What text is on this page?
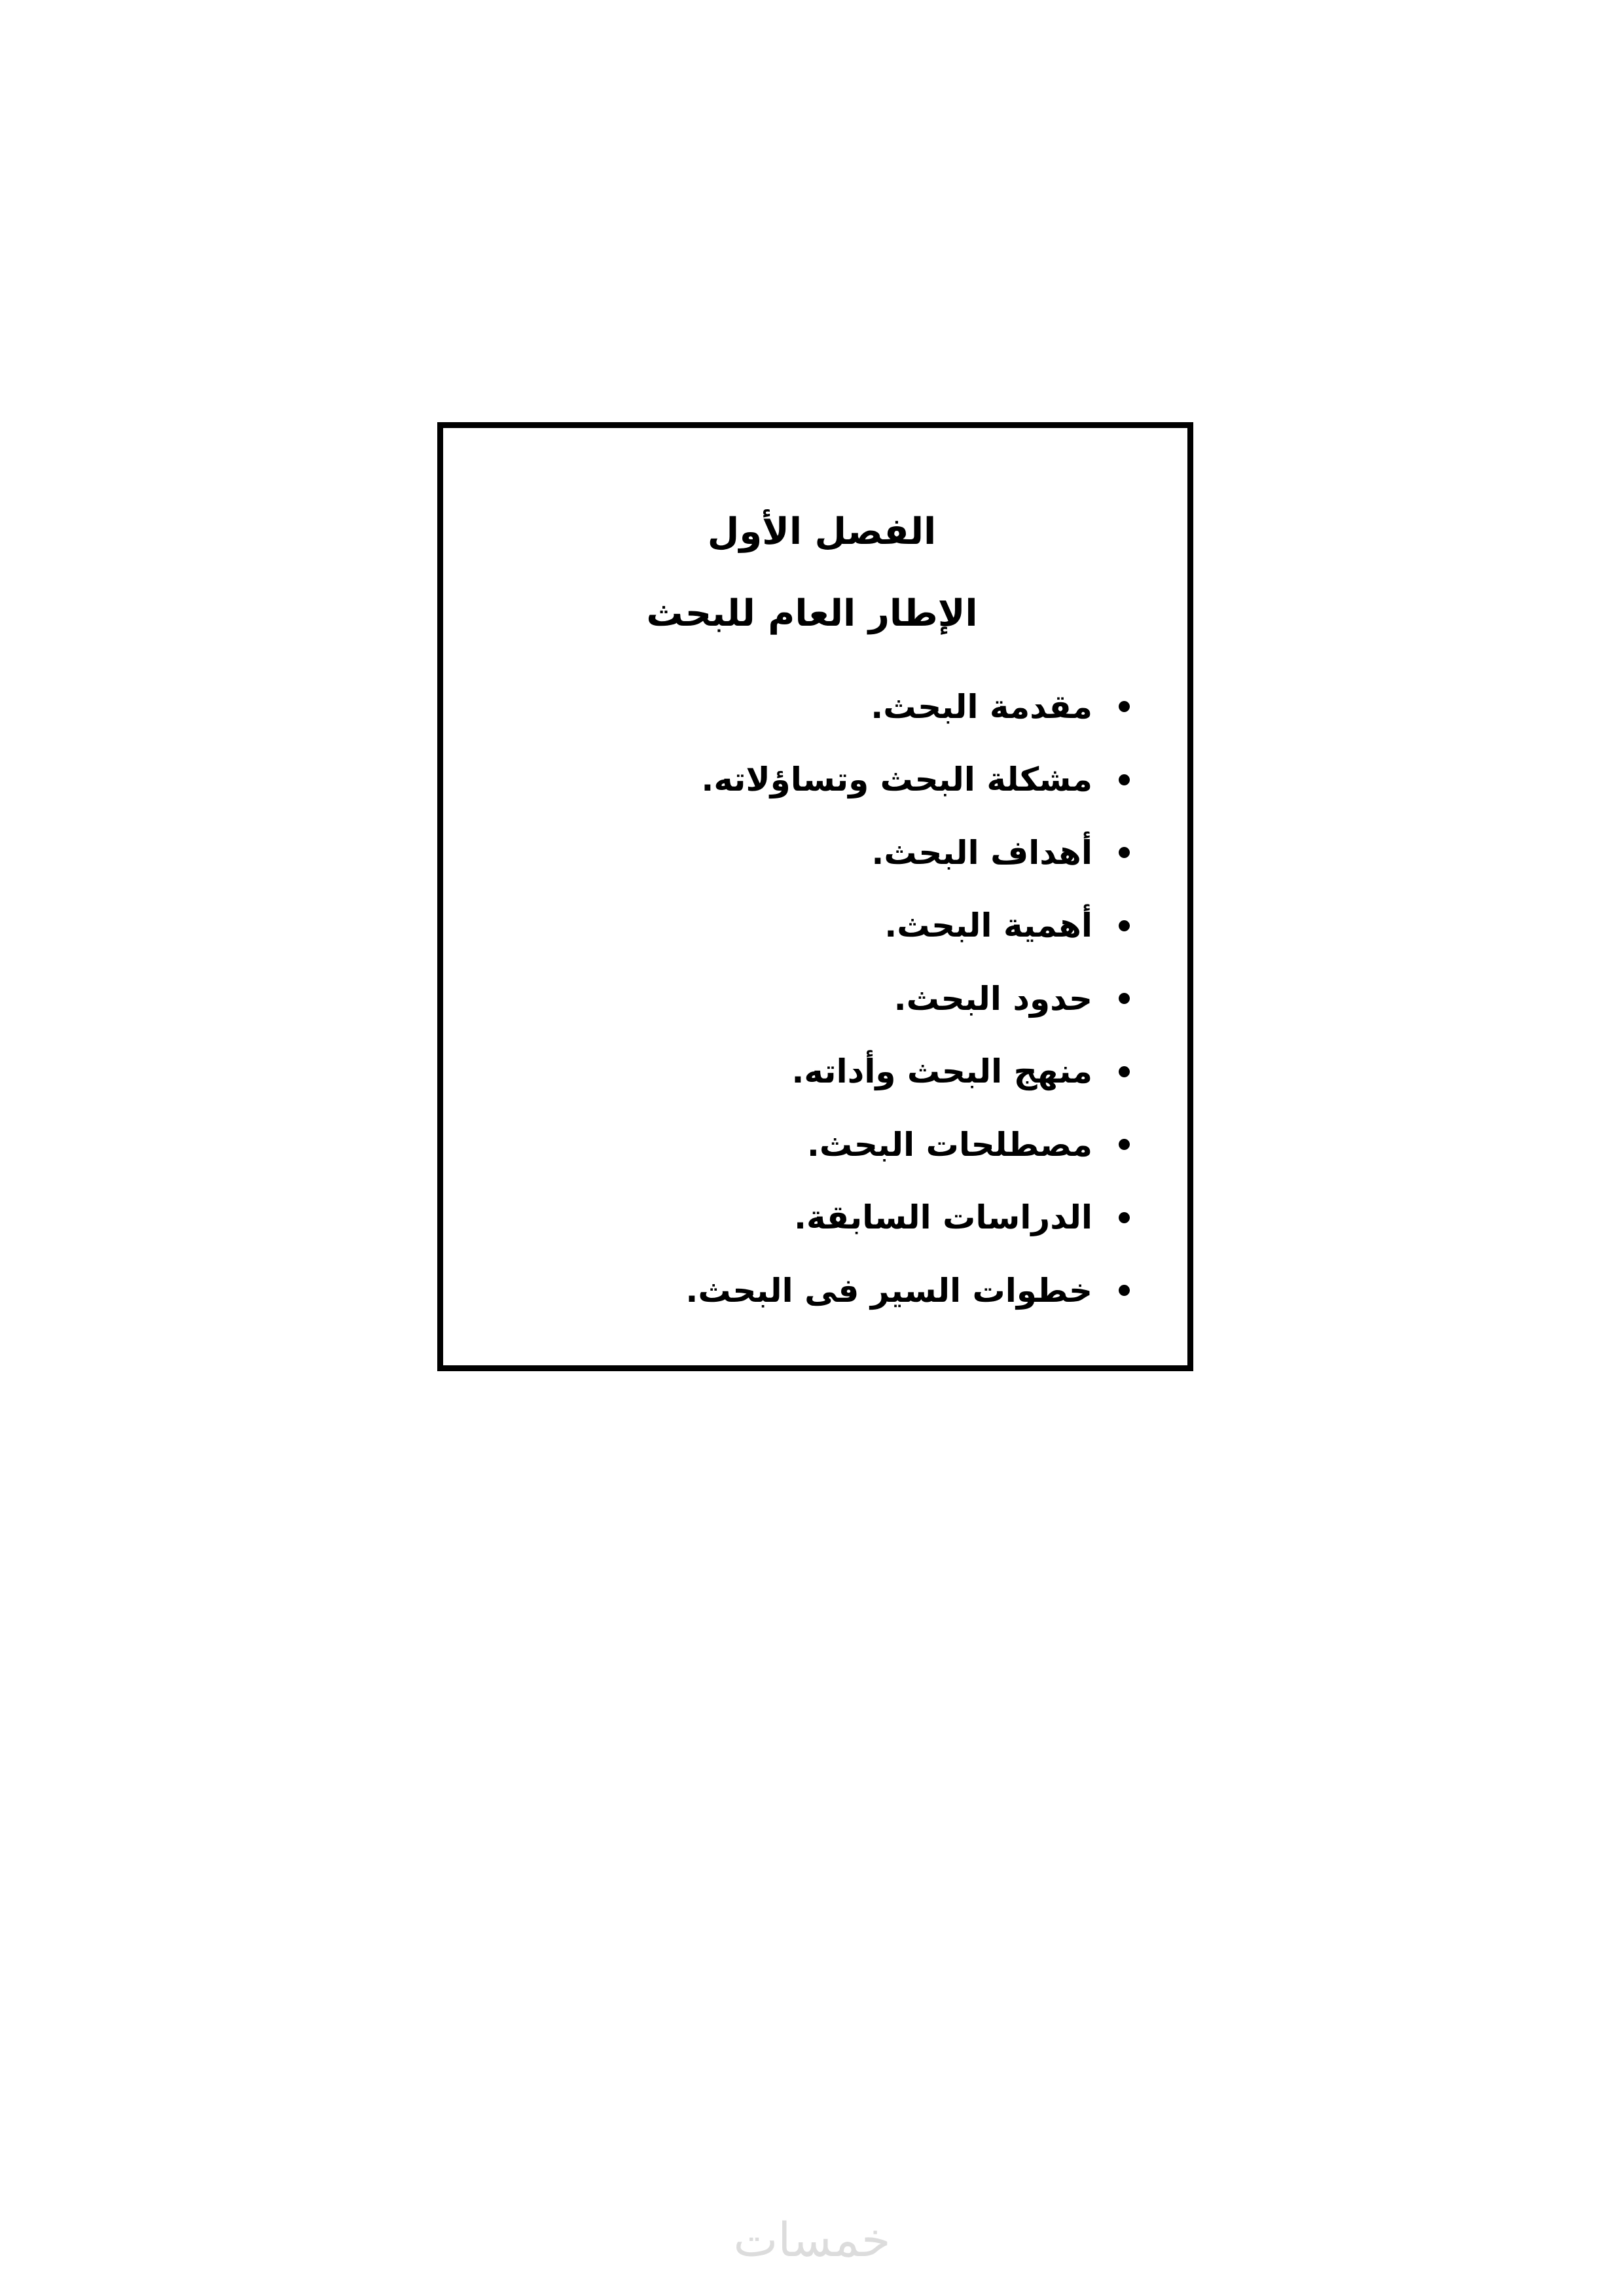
الفصل الأول
الإطار العام للبحث
مقدمة البحث.
مشكلة البحث وتساؤلاته.
أهداف البحث.
أهمية البحث.
حدود البحث.
منهج البحث وأداته.
مصطلحات البحث.
الدراسات السابقة.
خطوات السير فى البحث.
خمسات
